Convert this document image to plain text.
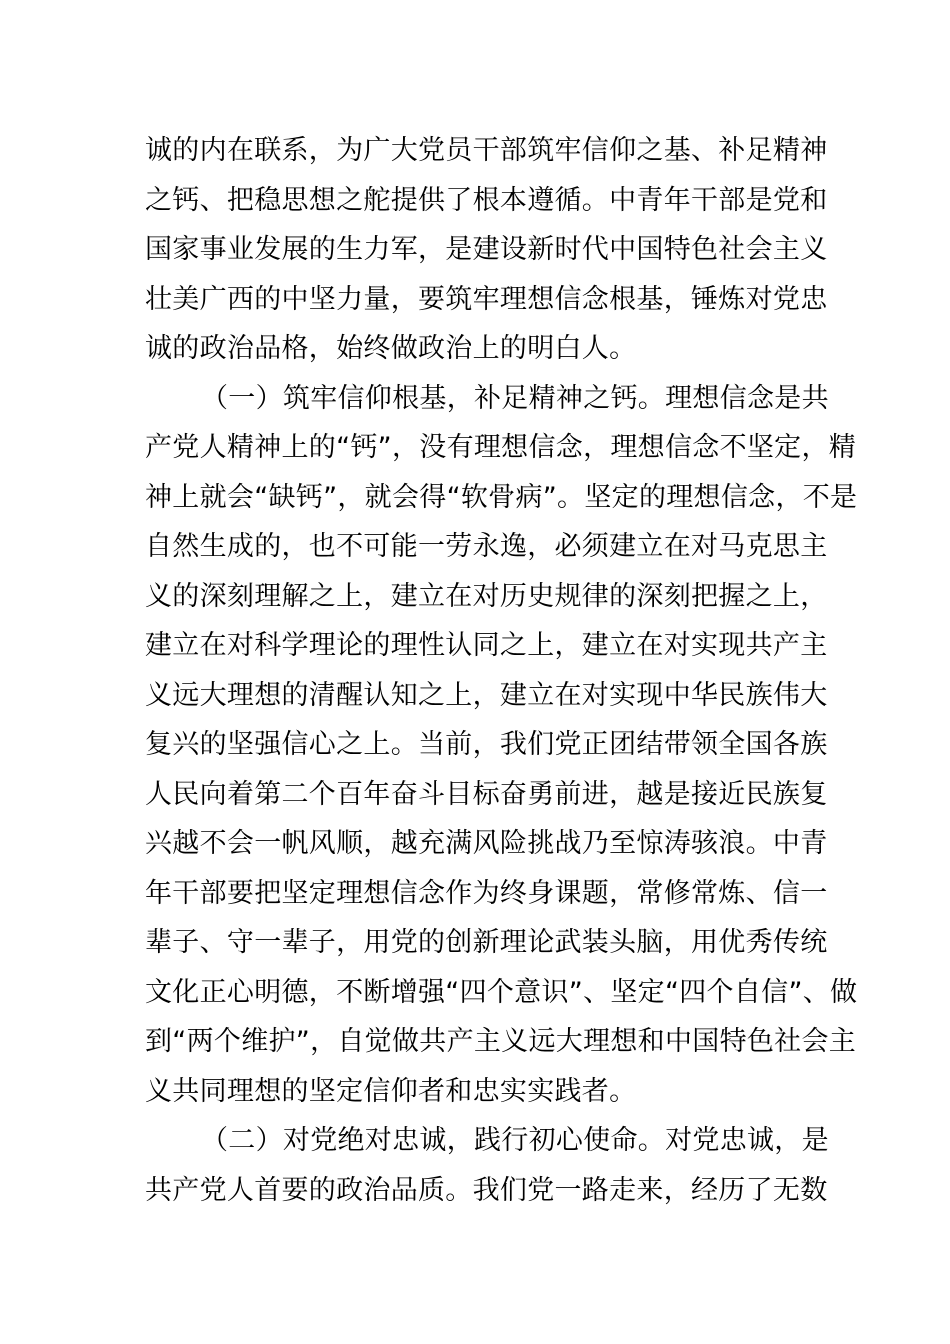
诚的内在联系，为广大党员干部筑牢信仰之基、补足精神
之钙、把稳思想之舵提供了根本遵循。中青年干部是党和
国家事业发展的生力军，是建设新时代中国特色社会主义
壮美广西的中坚力量，要筑牢理想信念根基，锤炼对党忠
诚的政治品格，始终做政治上的明白人。
（一）筑牢信仰根基，补足精神之钙。理想信念是共
产党人精神上的“钙”，没有理想信念，理想信念不坚定，精
神上就会“缺钙”，就会得“软骨病”。坚定的理想信念，不是
自然生成的，也不可能一劳永逸，必须建立在对马克思主
义的深刻理解之上，建立在对历史规律的深刻把握之上，
建立在对科学理论的理性认同之上，建立在对实现共产主
义远大理想的清醒认知之上，建立在对实现中华民族伟大
复兴的坚强信心之上。当前，我们党正团结带领全国各族
人民向着第二个百年奋斗目标奋勇前进，越是接近民族复
兴越不会一帆风顺，越充满风险挑战乃至惊涛骇浪。中青
年干部要把坚定理想信念作为终身课题，常修常炼、信一
辈子、守一辈子，用党的创新理论武装头脑，用优秀传统
文化正心明德，不断增强“四个意识”、坚定“四个自信”、做
到“两个维护”，自觉做共产主义远大理想和中国特色社会主
义共同理想的坚定信仰者和忠实实践者。
（二）对党绝对忠诚，践行初心使命。对党忠诚，是
共产党人首要的政治品质。我们党一路走来，经历了无数
